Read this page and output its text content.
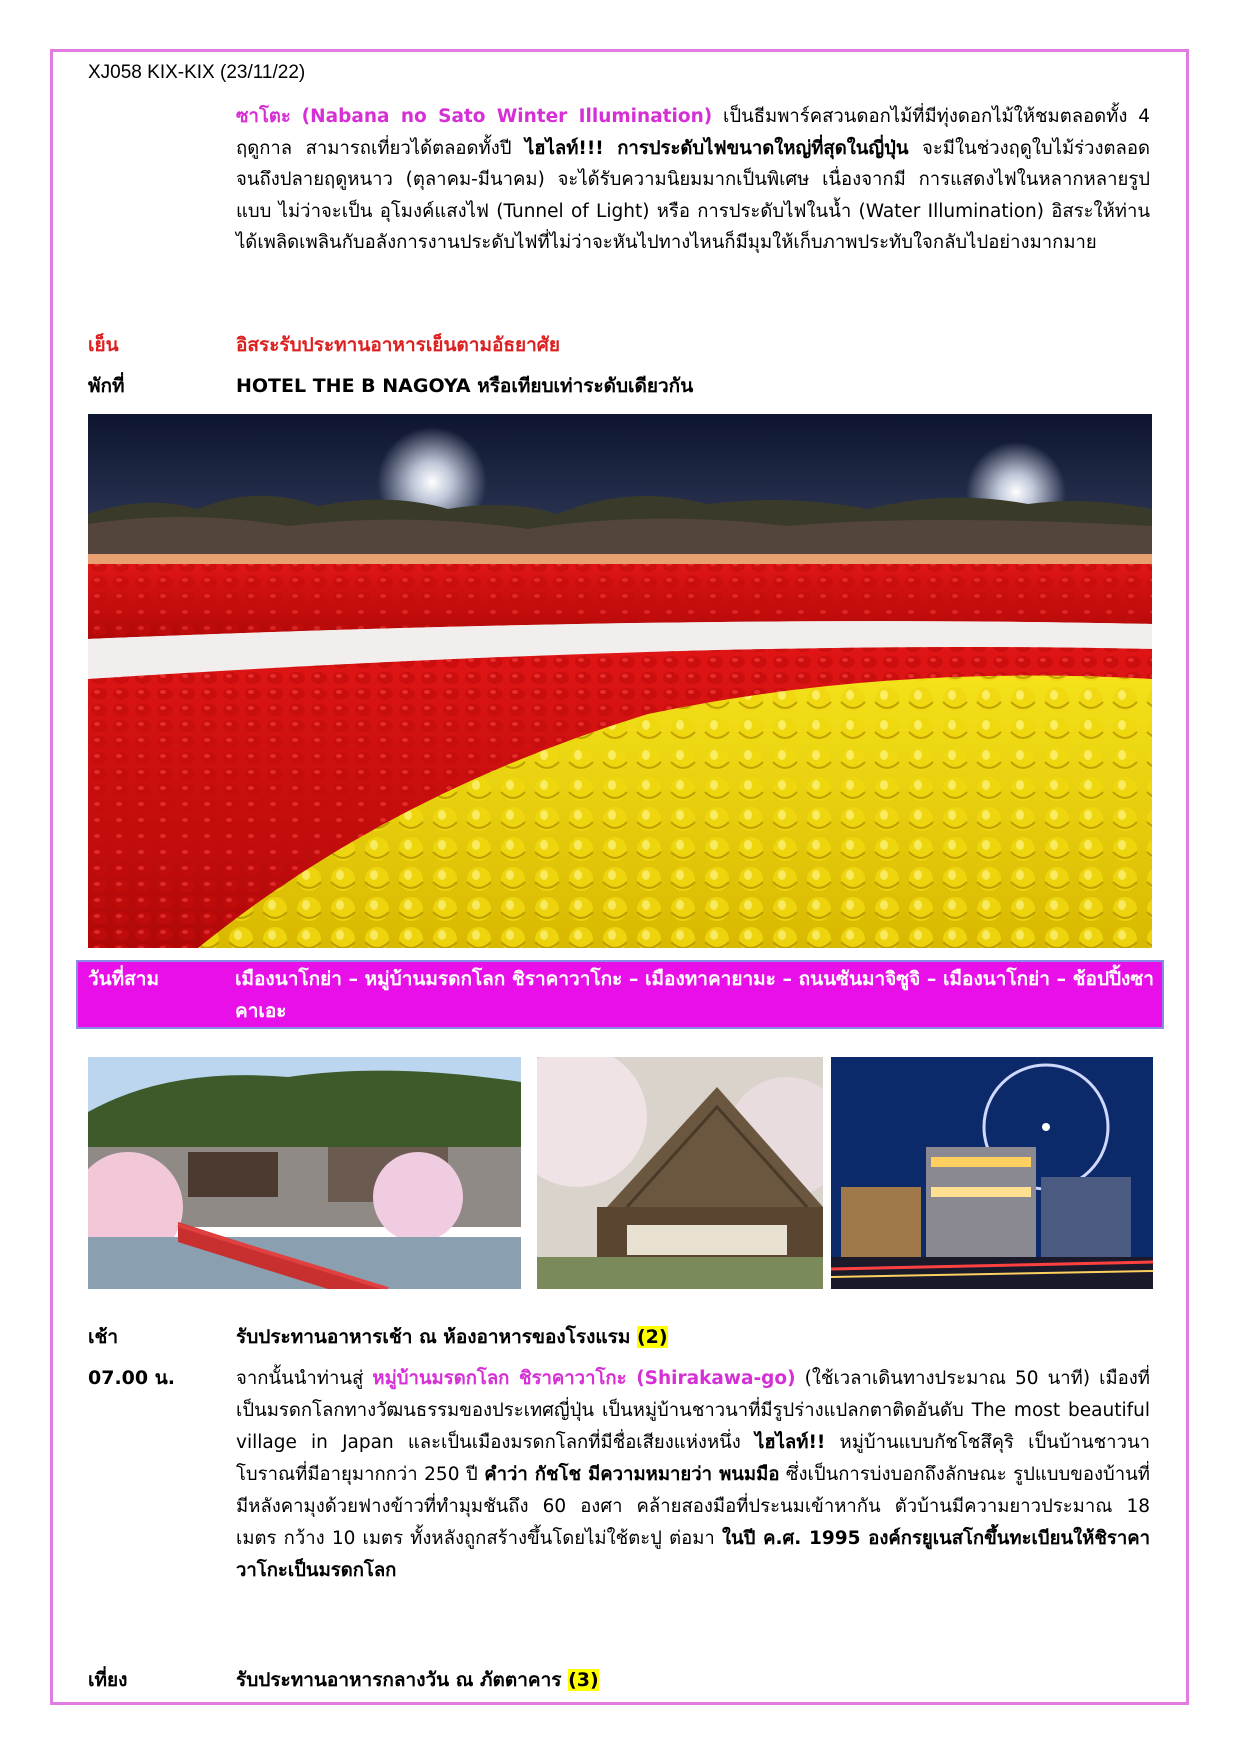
XJ058 KIX-KIX (23/11/22)
ซาโตะ (Nabana no Sato Winter Illumination) เป็นธีมพาร์คสวนดอกไม้ที่มีทุ่งดอกไม้ให้ชมตลอดทั้ง 4 ฤดูกาล สามารถเที่ยวได้ตลอดทั้งปี ไฮไลท์!!! การประดับไฟขนาดใหญ่ที่สุดในญี่ปุ่น จะมีในช่วงฤดูใบไม้ร่วงตลอดจนถึงปลายฤดูหนาว (ตุลาคม-มีนาคม) จะได้รับความนิยมมากเป็นพิเศษ เนื่องจากมี การแสดงไฟในหลากหลายรูปแบบ ไม่ว่าจะเป็น อุโมงค์แสงไฟ (Tunnel of Light) หรือ การประดับไฟในน้ำ (Water Illumination) อิสระให้ท่านได้เพลิดเพลินกับอลังการงานประดับไฟที่ไม่ว่าจะหันไปทางไหนก็มีมุมให้เก็บภาพประทับใจกลับไปอย่างมากมาย
เย็น	อิสระรับประทานอาหารเย็นตามอัธยาศัย
พักที่	HOTEL THE B NAGOYA หรือเทียบเท่าระดับเดียวกัน
วันที่สาม	เมืองนาโกย่า – หมู่บ้านมรดกโลก ชิราคาวาโกะ – เมืองทาคายามะ – ถนนซันมาจิซูจิ – เมืองนาโกย่า – ช้อปปิ้งซาคาเอะ
เช้า	รับประทานอาหารเช้า ณ ห้องอาหารของโรงแรม (2)
07.00 น.	จากนั้นนำท่านสู่ หมู่บ้านมรดกโลก ชิราคาวาโกะ (Shirakawa-go) (ใช้เวลาเดินทางประมาณ 50 นาที) เมืองที่เป็นมรดกโลกทางวัฒนธรรมของประเทศญี่ปุ่น เป็นหมู่บ้านชาวนาที่มีรูปร่างแปลกตาติดอันดับ The most beautiful village in Japan และเป็นเมืองมรดกโลกที่มีชื่อเสียงแห่งหนึ่ง ไฮไลท์!! หมู่บ้านแบบกัชโชสึคุริ เป็นบ้านชาวนาโบราณที่มีอายุมากกว่า 250 ปี คำว่า กัชโช มีความหมายว่า พนมมือ ซึ่งเป็นการบ่งบอกถึงลักษณะ รูปแบบของบ้านที่มีหลังคามุงด้วยฟางข้าวที่ทำมุมชันถึง 60 องศา คล้ายสองมือที่ประนมเข้าหากัน ตัวบ้านมีความยาวประมาณ 18 เมตร กว้าง 10 เมตร ทั้งหลังถูกสร้างขึ้นโดยไม่ใช้ตะปู ต่อมา ในปี ค.ศ. 1995 องค์กรยูเนสโกขึ้นทะเบียนให้ชิราคาวาโกะเป็นมรดกโลก
เที่ยง	รับประทานอาหารกลางวัน ณ ภัตตาคาร (3)
